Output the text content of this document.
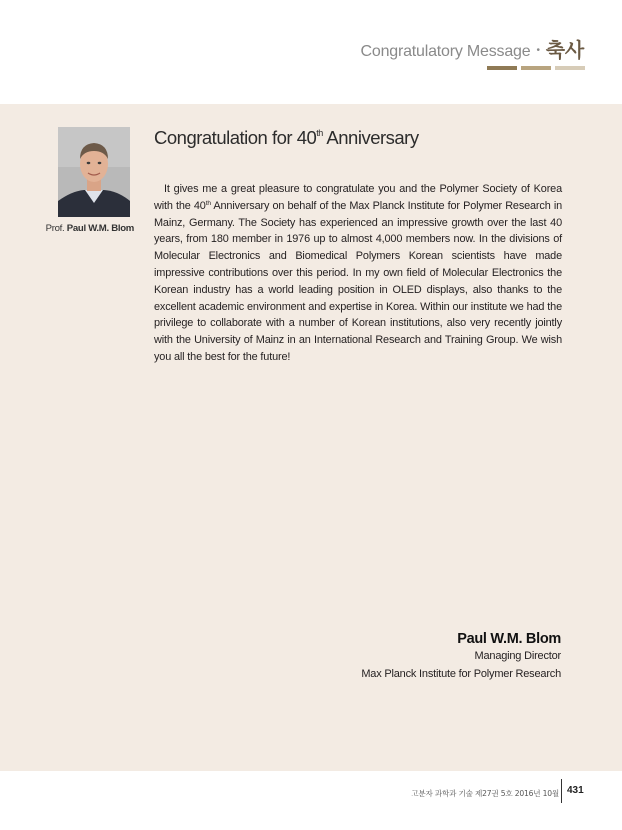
Congratulatory Message • 축사
Prof. Paul W.M. Blom
Congratulation for 40th Anniversary
It gives me a great pleasure to congratulate you and the Polymer Society of Korea with the 40th Anniversary on behalf of the Max Planck Institute for Polymer Research in Mainz, Germany. The Society has experienced an impressive growth over the last 40 years, from 180 member in 1976 up to almost 4,000 members now. In the divisions of Molecular Electronics and Biomedical Polymers Korean scientists have made impressive contributions over this period. In my own field of Molecular Electronics the Korean industry has a world leading position in OLED displays, also thanks to the excellent academic environment and expertise in Korea. Within our institute we had the privilege to collaborate with a number of Korean institutions, also very recently jointly with the University of Mainz in an International Research and Training Group. We wish you all the best for the future!
Paul W.M. Blom
Managing Director
Max Planck Institute for Polymer Research
고분자 과학과 기술 제27권 5호 2016년 10월 431
